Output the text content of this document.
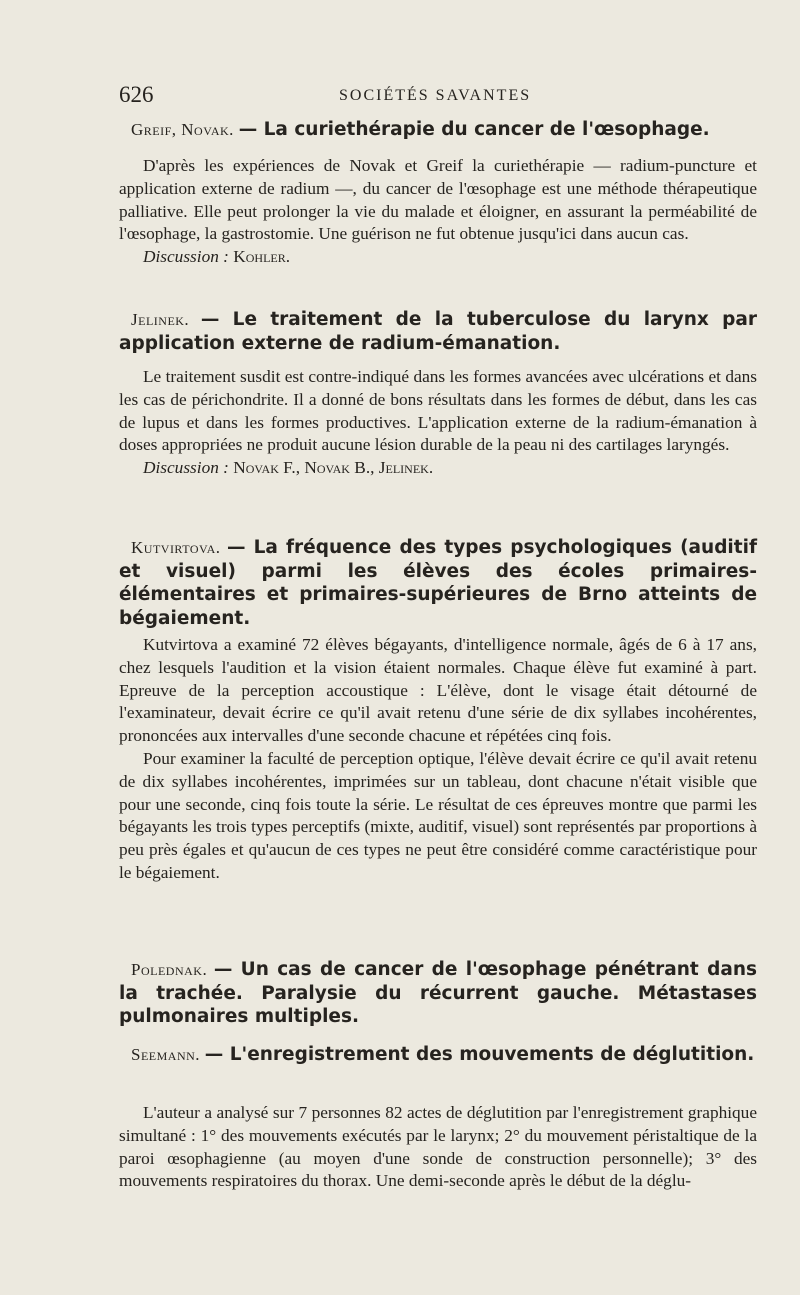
626	SOCIÉTÉS SAVANTES

Greif, Novak. — La curiethérapie du cancer de l'œsophage.

D'après les expériences de Novak et Greif la curiethérapie — radium-puncture et application externe de radium —, du cancer de l'œsophage est une méthode thérapeutique palliative. Elle peut prolonger la vie du malade et éloigner, en assurant la perméabilité de l'œsophage, la gastrostomie. Une guérison ne fut obtenue jusqu'ici dans aucun cas.

Discussion : Kohler.

Jelinek. — Le traitement de la tuberculose du larynx par application externe de radium-émanation.

Le traitement susdit est contre-indiqué dans les formes avancées avec ulcérations et dans les cas de périchondrite. Il a donné de bons résultats dans les formes de début, dans les cas de lupus et dans les formes productives. L'application externe de la radium-émanation à doses appropriées ne produit aucune lésion durable de la peau ni des cartilages laryngés.

Discussion : Novak F., Novak B., Jelinek.

Kutvirtova. — La fréquence des types psychologiques (auditif et visuel) parmi les élèves des écoles primaires-élémentaires et primaires-supérieures de Brno atteints de bégaiement.

Kutvirtova a examiné 72 élèves bégayants, d'intelligence normale, âgés de 6 à 17 ans, chez lesquels l'audition et la vision étaient normales. Chaque élève fut examiné à part. Epreuve de la perception accoustique : L'élève, dont le visage était détourné de l'examinateur, devait écrire ce qu'il avait retenu d'une série de dix syllabes incohérentes, prononcées aux intervalles d'une seconde chacune et répétées cinq fois.

Pour examiner la faculté de perception optique, l'élève devait écrire ce qu'il avait retenu de dix syllabes incohérentes, imprimées sur un tableau, dont chacune n'était visible que pour une seconde, cinq fois toute la série. Le résultat de ces épreuves montre que parmi les bégayants les trois types perceptifs (mixte, auditif, visuel) sont représentés par proportions à peu près égales et qu'aucun de ces types ne peut être considéré comme caractéristique pour le bégaiement.

Polednak. — Un cas de cancer de l'œsophage pénétrant dans la trachée. Paralysie du récurrent gauche. Métastases pulmonaires multiples.

Seemann. — L'enregistrement des mouvements de déglutition.

L'auteur a analysé sur 7 personnes 82 actes de déglutition par l'enregistrement graphique simultané : 1° des mouvements exécutés par le larynx; 2° du mouvement péristaltique de la paroi œsophagienne (au moyen d'une sonde de construction personnelle); 3° des mouvements respiratoires du thorax. Une demi-seconde après le début de la déglu-
